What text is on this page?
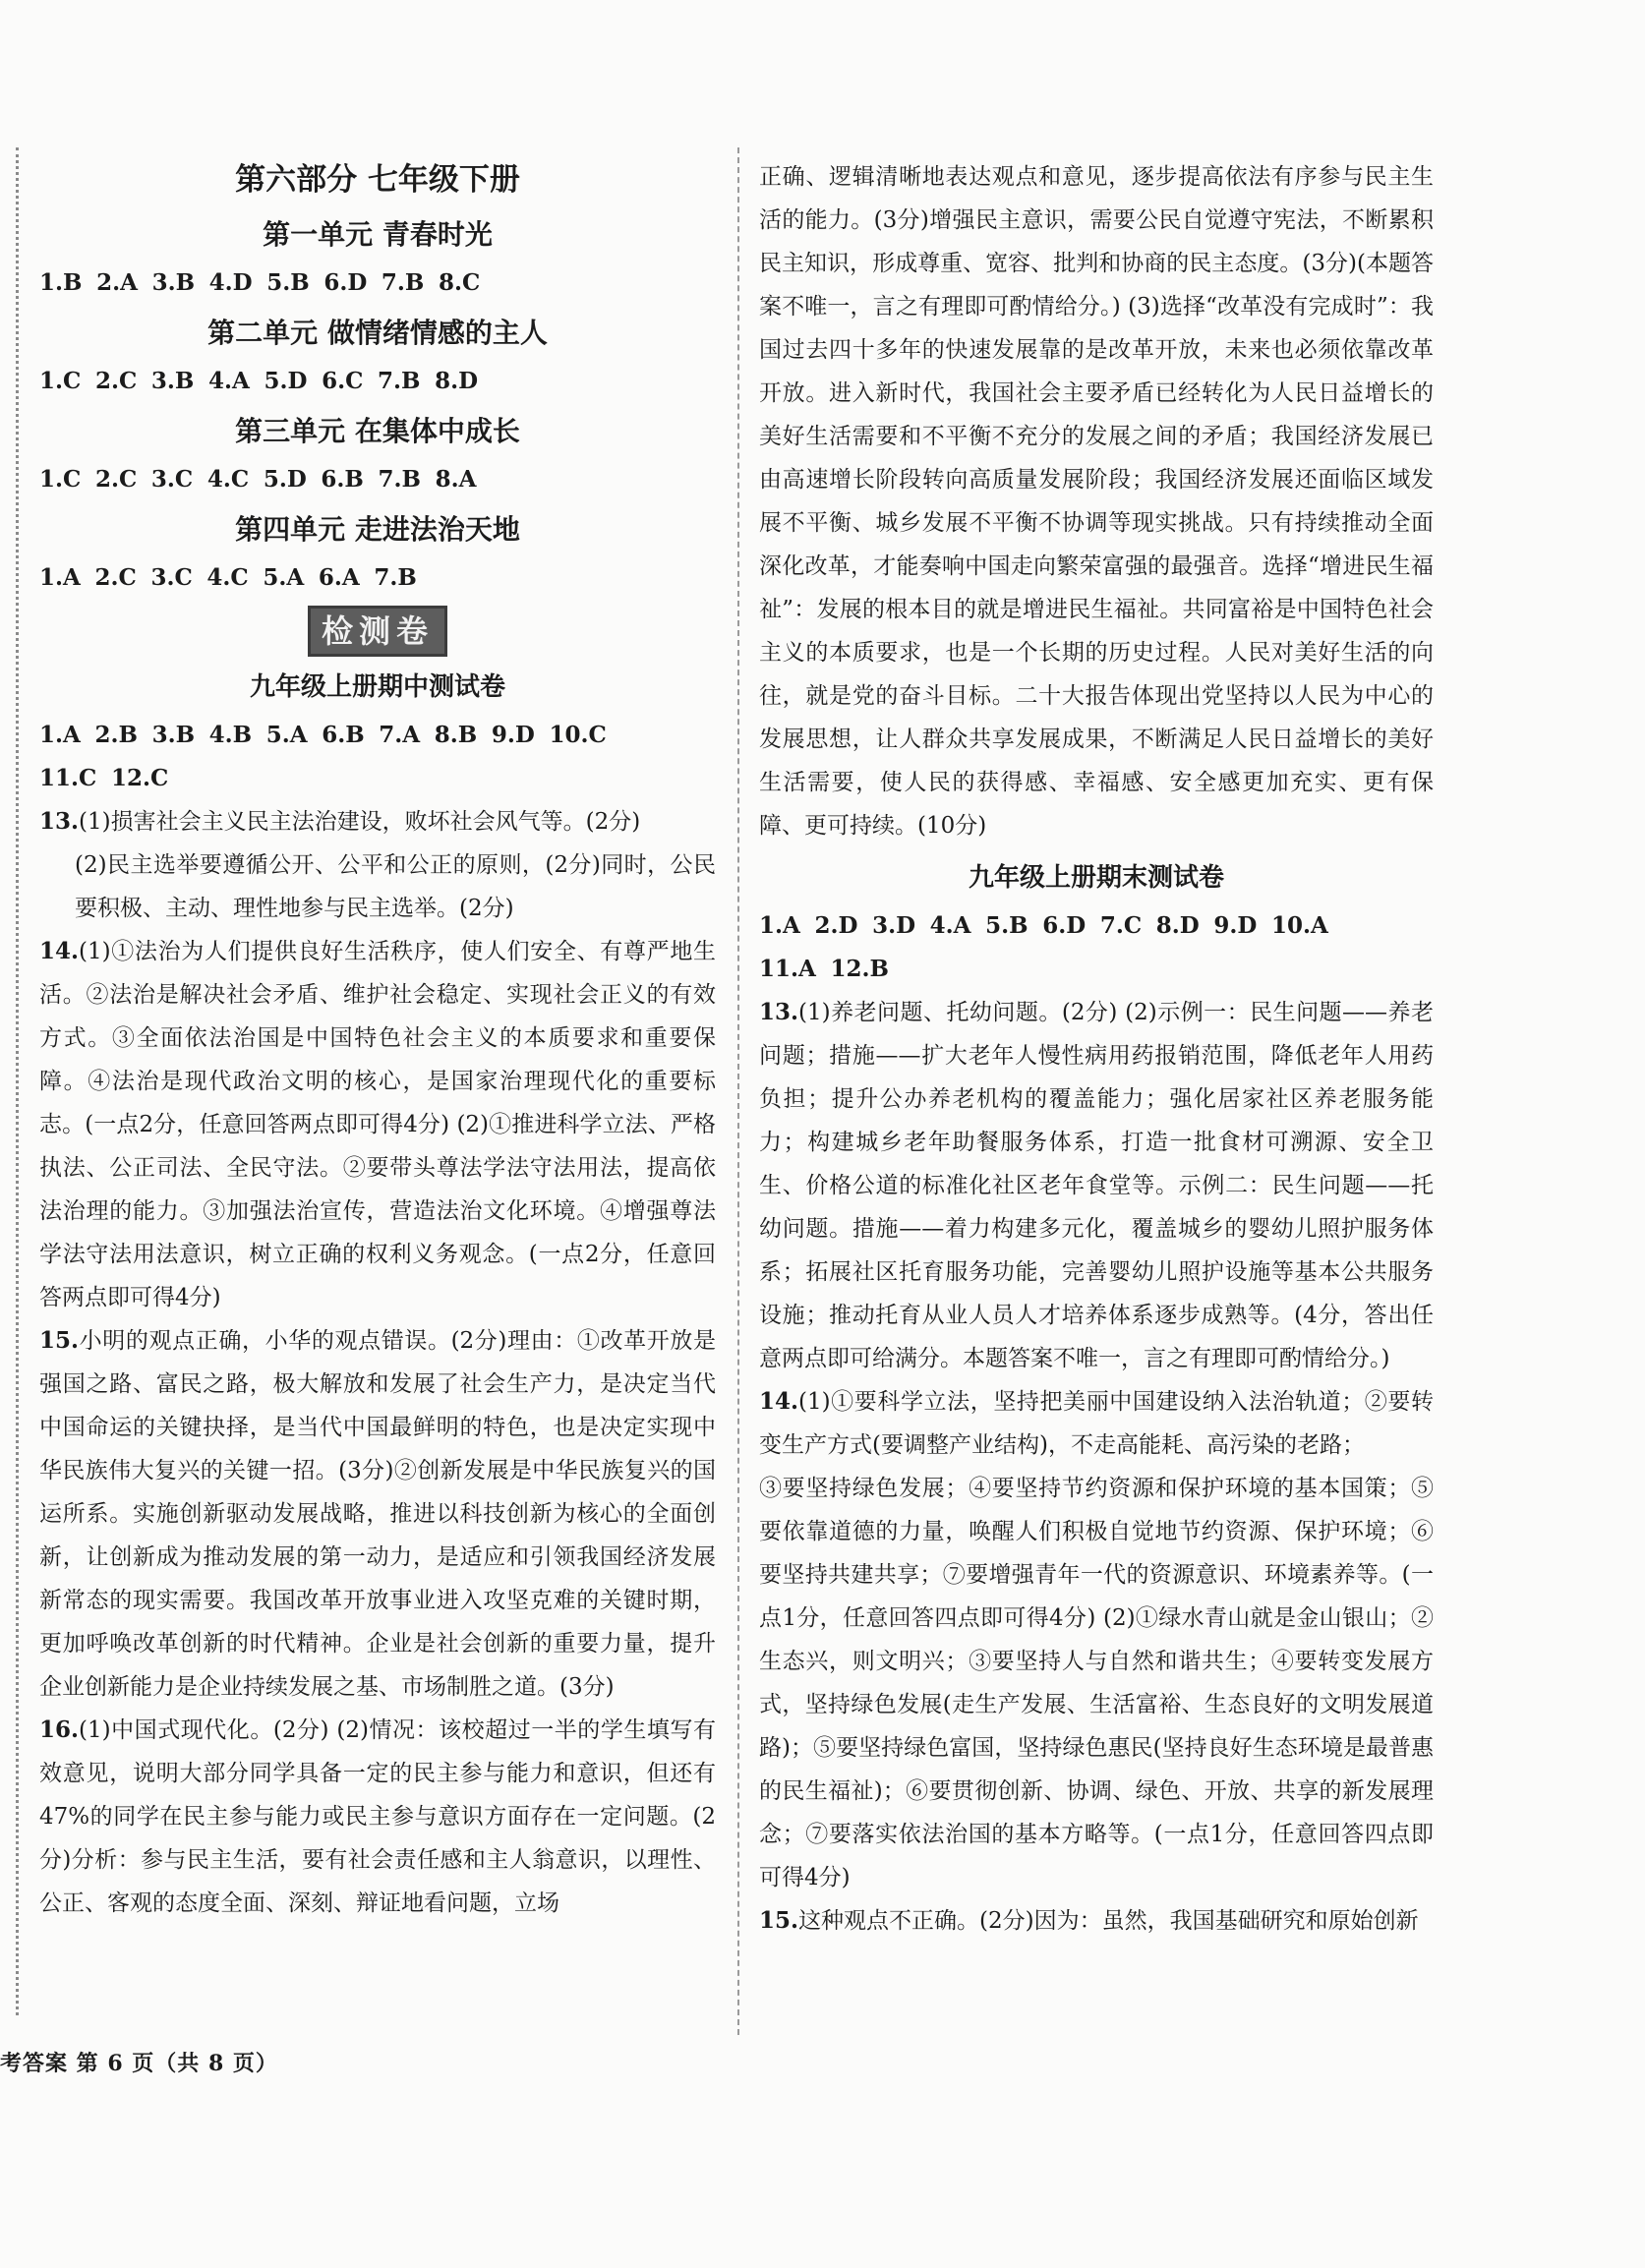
第六部分 七年级下册
第一单元 青春时光

1.B 2.A 3.B 4.D 5.B 6.D 7.B 8.C

第二单元 做情绪情感的主人

1.C 2.C 3.B 4.A 5.D 6.C 7.B 8.D

第三单元 在集体中成长

1.C 2.C 3.C 4.C 5.D 6.B 7.B 8.A

第四单元 走进法治天地

1.A 2.C 3.C 4.C 5.A 6.A 7.B

检测卷
九年级上册期中测试卷

1.A 2.B 3.B 4.B 5.A 6.B 7.A 8.B 9.D 10.C

11.C 12.C

13.(1)损害社会主义民主法治建设，败坏社会风气等。(2分)

(2)民主选举要遵循公开、公平和公正的原则，(2分)同时，公民要积极、主动、理性地参与民主选举。(2分)

14.(1)①法治为人们提供良好生活秩序，使人们安全、有尊严地生活。②法治是解决社会矛盾、维护社会稳定、实现社会正义的有效方式。③全面依法治国是中国特色社会主义的本质要求和重要保障。④法治是现代政治文明的核心，是国家治理现代化的重要标志。(一点2分，任意回答两点即可得4分) (2)①推进科学立法、严格执法、公正司法、全民守法。②要带头尊法学法守法用法，提高依法治理的能力。③加强法治宣传，营造法治文化环境。④增强尊法学法守法用法意识，树立正确的权利义务观念。(一点2分，任意回答两点即可得4分)

15.小明的观点正确，小华的观点错误。(2分)理由：①改革开放是强国之路、富民之路，极大解放和发展了社会生产力，是决定当代中国命运的关键抉择，是当代中国最鲜明的特色，也是决定实现中华民族伟大复兴的关键一招。(3分)②创新发展是中华民族复兴的国运所系。实施创新驱动发展战略，推进以科技创新为核心的全面创新，让创新成为推动发展的第一动力，是适应和引领我国经济发展新常态的现实需要。我国改革开放事业进入攻坚克难的关键时期，更加呼唤改革创新的时代精神。企业是社会创新的重要力量，提升企业创新能力是企业持续发展之基、市场制胜之道。(3分)

16.(1)中国式现代化。(2分) (2)情况：该校超过一半的学生填写有效意见，说明大部分同学具备一定的民主参与能力和意识，但还有47%的同学在民主参与能力或民主参与意识方面存在一定问题。(2分)分析：参与民主生活，要有社会责任感和主人翁意识，以理性、公正、客观的态度全面、深刻、辩证地看问题，立场

正确、逻辑清晰地表达观点和意见，逐步提高依法有序参与民主生活的能力。(3分)增强民主意识，需要公民自觉遵守宪法，不断累积民主知识，形成尊重、宽容、批判和协商的民主态度。(3分)(本题答案不唯一，言之有理即可酌情给分。) (3)选择“改革没有完成时”：我国过去四十多年的快速发展靠的是改革开放，未来也必须依靠改革开放。进入新时代，我国社会主要矛盾已经转化为人民日益增长的美好生活需要和不平衡不充分的发展之间的矛盾；我国经济发展已由高速增长阶段转向高质量发展阶段；我国经济发展还面临区域发展不平衡、城乡发展不平衡不协调等现实挑战。只有持续推动全面深化改革，才能奏响中国走向繁荣富强的最强音。选择“增进民生福祉”：发展的根本目的就是增进民生福祉。共同富裕是中国特色社会主义的本质要求，也是一个长期的历史过程。人民对美好生活的向往，就是党的奋斗目标。二十大报告体现出党坚持以人民为中心的发展思想，让人群众共享发展成果，不断满足人民日益增长的美好生活需要，使人民的获得感、幸福感、安全感更加充实、更有保障、更可持续。(10分)

九年级上册期末测试卷

1.A 2.D 3.D 4.A 5.B 6.D 7.C 8.D 9.D 10.A

11.A 12.B

13.(1)养老问题、托幼问题。(2分) (2)示例一：民生问题——养老问题；措施——扩大老年人慢性病用药报销范围，降低老年人用药负担；提升公办养老机构的覆盖能力；强化居家社区养老服务能力；构建城乡老年助餐服务体系，打造一批食材可溯源、安全卫生、价格公道的标准化社区老年食堂等。示例二：民生问题——托幼问题。措施——着力构建多元化，覆盖城乡的婴幼儿照护服务体系；拓展社区托育服务功能，完善婴幼儿照护设施等基本公共服务设施；推动托育从业人员人才培养体系逐步成熟等。(4分，答出任意两点即可给满分。本题答案不唯一，言之有理即可酌情给分。)

14.(1)①要科学立法，坚持把美丽中国建设纳入法治轨道；②要转变生产方式(要调整产业结构)，不走高能耗、高污染的老路；

③要坚持绿色发展；④要坚持节约资源和保护环境的基本国策；⑤要依靠道德的力量，唤醒人们积极自觉地节约资源、保护环境；⑥要坚持共建共享；⑦要增强青年一代的资源意识、环境素养等。(一点1分，任意回答四点即可得4分) (2)①绿水青山就是金山银山；②生态兴，则文明兴；③要坚持人与自然和谐共生；④要转变发展方式，坚持绿色发展(走生产发展、生活富裕、生态良好的文明发展道路)；⑤要坚持绿色富国，坚持绿色惠民(坚持良好生态环境是最普惠的民生福祉)；⑥要贯彻创新、协调、绿色、开放、共享的新发展理念；⑦要落实依法治国的基本方略等。(一点1分，任意回答四点即可得4分)

15.这种观点不正确。(2分)因为：虽然，我国基础研究和原始创新

考答案 第 6 页（共 8 页）
